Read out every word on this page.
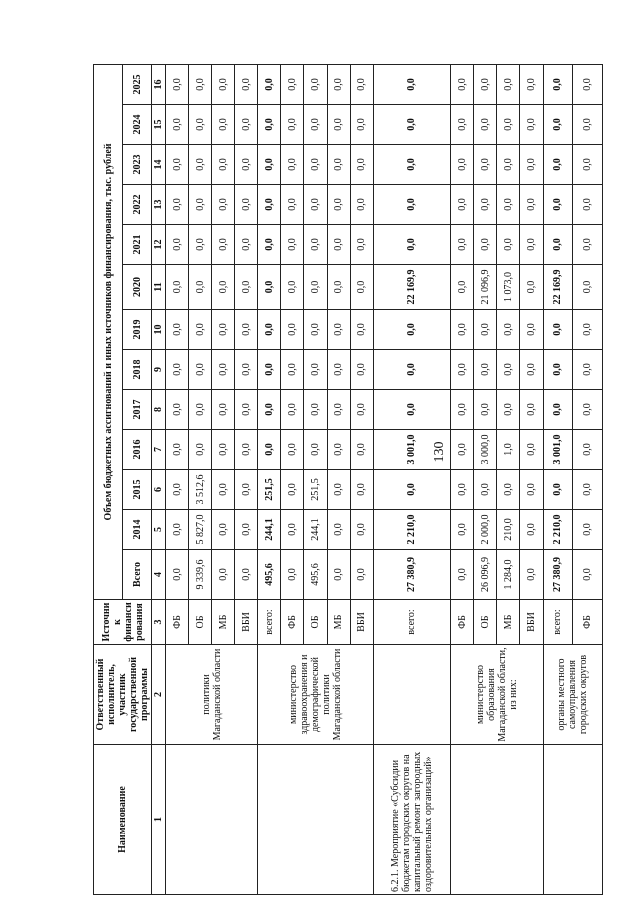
130
Наименование	Ответственный исполнитель, участник государственной программы	Источник финансирования	Объем бюджетных ассигнований и иных источников финансирования, тыс. рублей												
			Всего	2014	2015	2016	2017	2018	2019	2020	2021	2022	2023	2024	2025
1	2	3	4	5	6	7	8	9	10	11	12	13	14	15	16
	политики Магаданской области	ФБ	0,0	0,0	0,0	0,0	0,0	0,0	0,0	0,0	0,0	0,0	0,0	0,0	0,0
		ОБ	9 339,6	5 827,0	3 512,6	0,0	0,0	0,0	0,0	0,0	0,0	0,0	0,0	0,0	0,0
		МБ	0,0	0,0	0,0	0,0	0,0	0,0	0,0	0,0	0,0	0,0	0,0	0,0	0,0
		ВБИ	0,0	0,0	0,0	0,0	0,0	0,0	0,0	0,0	0,0	0,0	0,0	0,0	0,0
	министерство здравоохранения и демографической политики Магаданской области	всего:	495,6	244,1	251,5	0,0	0,0	0,0	0,0	0,0	0,0	0,0	0,0	0,0	0,0
		ФБ	0,0	0,0	0,0	0,0	0,0	0,0	0,0	0,0	0,0	0,0	0,0	0,0	0,0
		ОБ	495,6	244,1	251,5	0,0	0,0	0,0	0,0	0,0	0,0	0,0	0,0	0,0	0,0
		МБ	0,0	0,0	0,0	0,0	0,0	0,0	0,0	0,0	0,0	0,0	0,0	0,0	0,0
		ВБИ	0,0	0,0	0,0	0,0	0,0	0,0	0,0	0,0	0,0	0,0	0,0	0,0	0,0
6.2.1. Мероприятие «Субсидии бюджетам городских округов на капитальный ремонт загородных оздоровительных организаций»		всего:	27 380,9	2 210,0	0,0	3 001,0	0,0	0,0	0,0	22 169,9	0,0	0,0	0,0	0,0	0,0
	министерство образования Магаданской области, из них:	ФБ	0,0	0,0	0,0	0,0	0,0	0,0	0,0	0,0	0,0	0,0	0,0	0,0	0,0
		ОБ	26 096,9	2 000,0	0,0	3 000,0	0,0	0,0	0,0	21 096,9	0,0	0,0	0,0	0,0	0,0
		МБ	1 284,0	210,0	0,0	1,0	0,0	0,0	0,0	1 073,0	0,0	0,0	0,0	0,0	0,0
		ВБИ	0,0	0,0	0,0	0,0	0,0	0,0	0,0	0,0	0,0	0,0	0,0	0,0	0,0
	органы местного самоуправления городских округов	всего:	27 380,9	2 210,0	0,0	3 001,0	0,0	0,0	0,0	22 169,9	0,0	0,0	0,0	0,0	0,0
		ФБ	0,0	0,0	0,0	0,0	0,0	0,0	0,0	0,0	0,0	0,0	0,0	0,0	0,0
